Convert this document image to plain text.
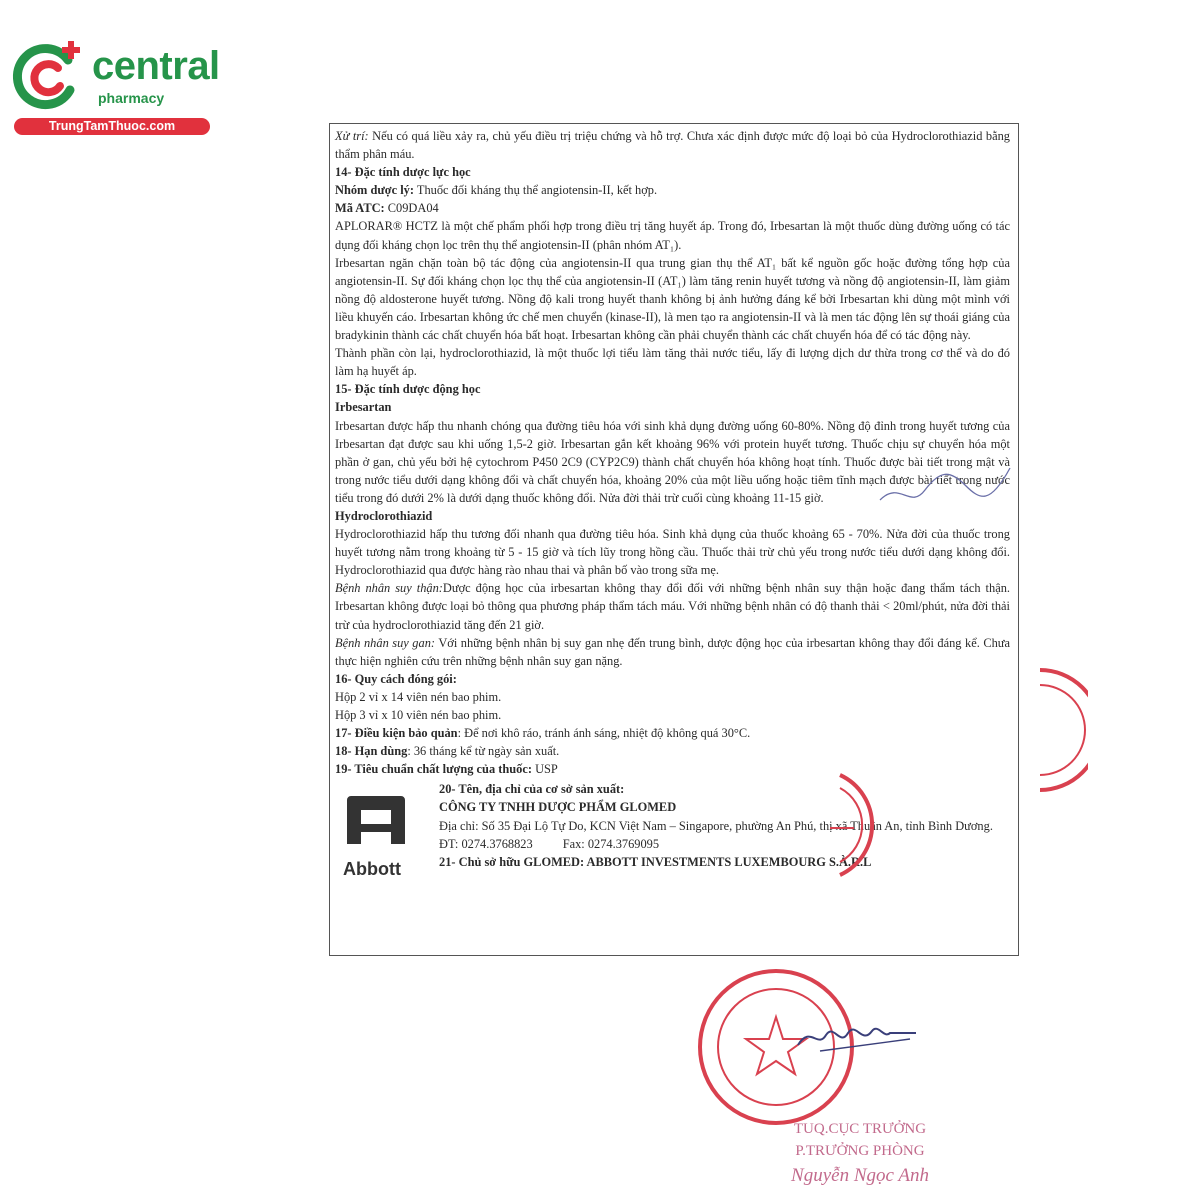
central
pharmacy
TrungTamThuoc.com

Xử trí: Nếu có quá liều xảy ra, chủ yếu điều trị triệu chứng và hỗ trợ. Chưa xác định được mức độ loại bỏ của Hydroclorothiazid bằng thẩm phân máu.

14- Đặc tính dược lực học

Nhóm dược lý: Thuốc đối kháng thụ thể angiotensin-II, kết hợp.

Mã ATC: C09DA04

APLORAR® HCTZ là một chế phẩm phối hợp trong điều trị tăng huyết áp. Trong đó, Irbesartan là một thuốc dùng đường uống có tác dụng đối kháng chọn lọc trên thụ thể angiotensin-II (phân nhóm AT₁).

Irbesartan ngăn chặn toàn bộ tác động của angiotensin-II qua trung gian thụ thể AT₁ bất kể nguồn gốc hoặc đường tổng hợp của angiotensin-II. Sự đối kháng chọn lọc thụ thể của angiotensin-II (AT₁) làm tăng renin huyết tương và nồng độ angiotensin-II, làm giảm nồng độ aldosterone huyết tương. Nồng độ kali trong huyết thanh không bị ảnh hưởng đáng kể bởi Irbesartan khi dùng một mình với liều khuyến cáo. Irbesartan không ức chế men chuyển (kinase-II), là men tạo ra angiotensin-II và là men tác động lên sự thoái giáng của bradykinin thành các chất chuyển hóa bất hoạt. Irbesartan không cần phải chuyển thành các chất chuyển hóa để có tác động này.

Thành phần còn lại, hydroclorothiazid, là một thuốc lợi tiểu làm tăng thải nước tiểu, lấy đi lượng dịch dư thừa trong cơ thể và do đó làm hạ huyết áp.

15- Đặc tính dược động học

Irbesartan

Irbesartan được hấp thu nhanh chóng qua đường tiêu hóa với sinh khả dụng đường uống 60-80%. Nồng độ đỉnh trong huyết tương của Irbesartan đạt được sau khi uống 1,5-2 giờ. Irbesartan gắn kết khoảng 96% với protein huyết tương. Thuốc chịu sự chuyển hóa một phần ở gan, chủ yếu bởi hệ cytochrom P450 2C9 (CYP2C9) thành chất chuyển hóa không hoạt tính. Thuốc được bài tiết trong mật và trong nước tiểu dưới dạng không đổi và chất chuyển hóa, khoảng 20% của một liều uống hoặc tiêm tĩnh mạch được bài tiết trong nước tiểu trong đó dưới 2% là dưới dạng thuốc không đổi. Nửa đời thải trừ cuối cùng khoảng 11-15 giờ.

Hydroclorothiazid

Hydroclorothiazid hấp thu tương đối nhanh qua đường tiêu hóa. Sinh khả dụng của thuốc khoảng 65 - 70%. Nửa đời của thuốc trong huyết tương nằm trong khoảng từ 5 - 15 giờ và tích lũy trong hồng cầu. Thuốc thải trừ chủ yếu trong nước tiểu dưới dạng không đổi. Hydroclorothiazid qua được hàng rào nhau thai và phân bố vào trong sữa mẹ.

Bệnh nhân suy thận:Dược động học của irbesartan không thay đổi đối với những bệnh nhân suy thận hoặc đang thẩm tách thận. Irbesartan không được loại bỏ thông qua phương pháp thẩm tách máu. Với những bệnh nhân có độ thanh thải < 20ml/phút, nửa đời thải trừ của hydroclorothiazid tăng đến 21 giờ.

Bệnh nhân suy gan: Với những bệnh nhân bị suy gan nhẹ đến trung bình, dược động học của irbesartan không thay đổi đáng kể. Chưa thực hiện nghiên cứu trên những bệnh nhân suy gan nặng.

16- Quy cách đóng gói:

Hộp 2 vỉ x 14 viên nén bao phim.

Hộp 3 vỉ x 10 viên nén bao phim.

17- Điều kiện bảo quản: Để nơi khô ráo, tránh ánh sáng, nhiệt độ không quá 30°C.

18- Hạn dùng: 36 tháng kể từ ngày sản xuất.

19- Tiêu chuẩn chất lượng của thuốc: USP

Abbott

20- Tên, địa chỉ của cơ sở sản xuất:

CÔNG TY TNHH DƯỢC PHẨM GLOMED

Địa chỉ: Số 35 Đại Lộ Tự Do, KCN Việt Nam – Singapore, phường An Phú, thị xã Thuận An, tỉnh Bình Dương.

ĐT: 0274.3768823 Fax: 0274.3769095

21- Chủ sở hữu GLOMED: ABBOTT INVESTMENTS LUXEMBOURG S.À.R.L

TUQ.CỤC TRƯỞNG
P.TRƯỞNG PHÒNG
Nguyễn Ngọc Anh
